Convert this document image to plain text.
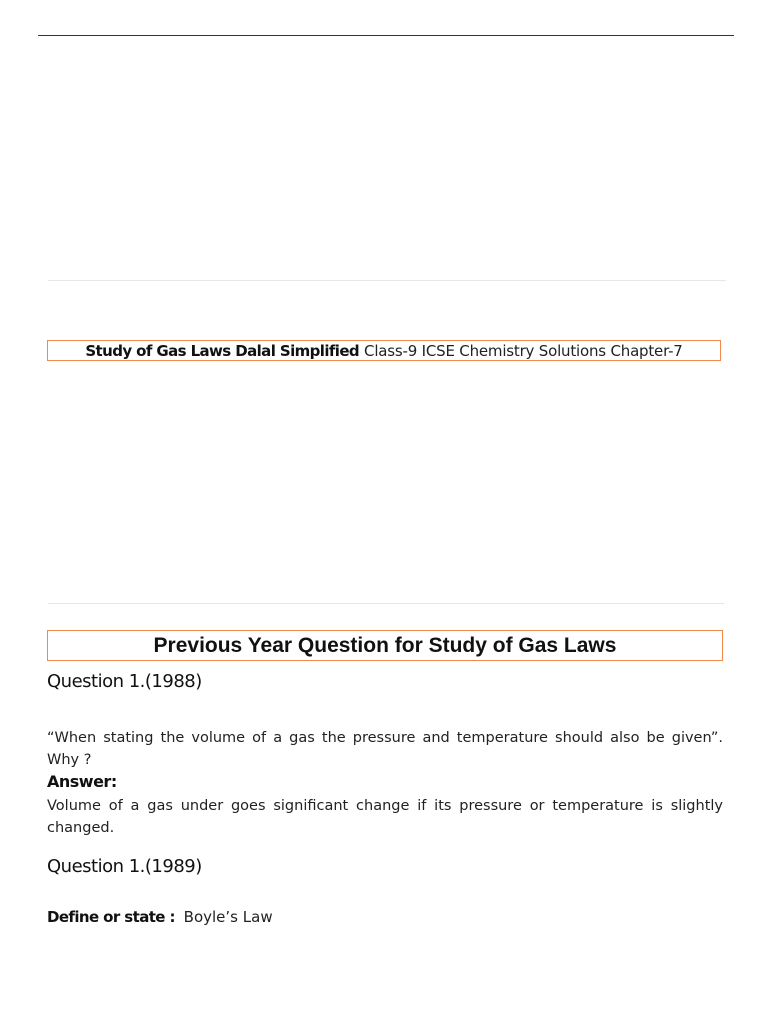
Study of Gas Laws Dalal Simplified Class-9 ICSE Chemistry Solutions Chapter-7
Previous Year Question for Study of Gas Laws
Question 1.(1988)
“When stating the volume of a gas the pressure and temperature should also be given”. Why ?
Answer:
Volume of a gas under goes significant change if its pressure or temperature is slightly changed.
Question 1.(1989)
Define or state : Boyle’s Law
